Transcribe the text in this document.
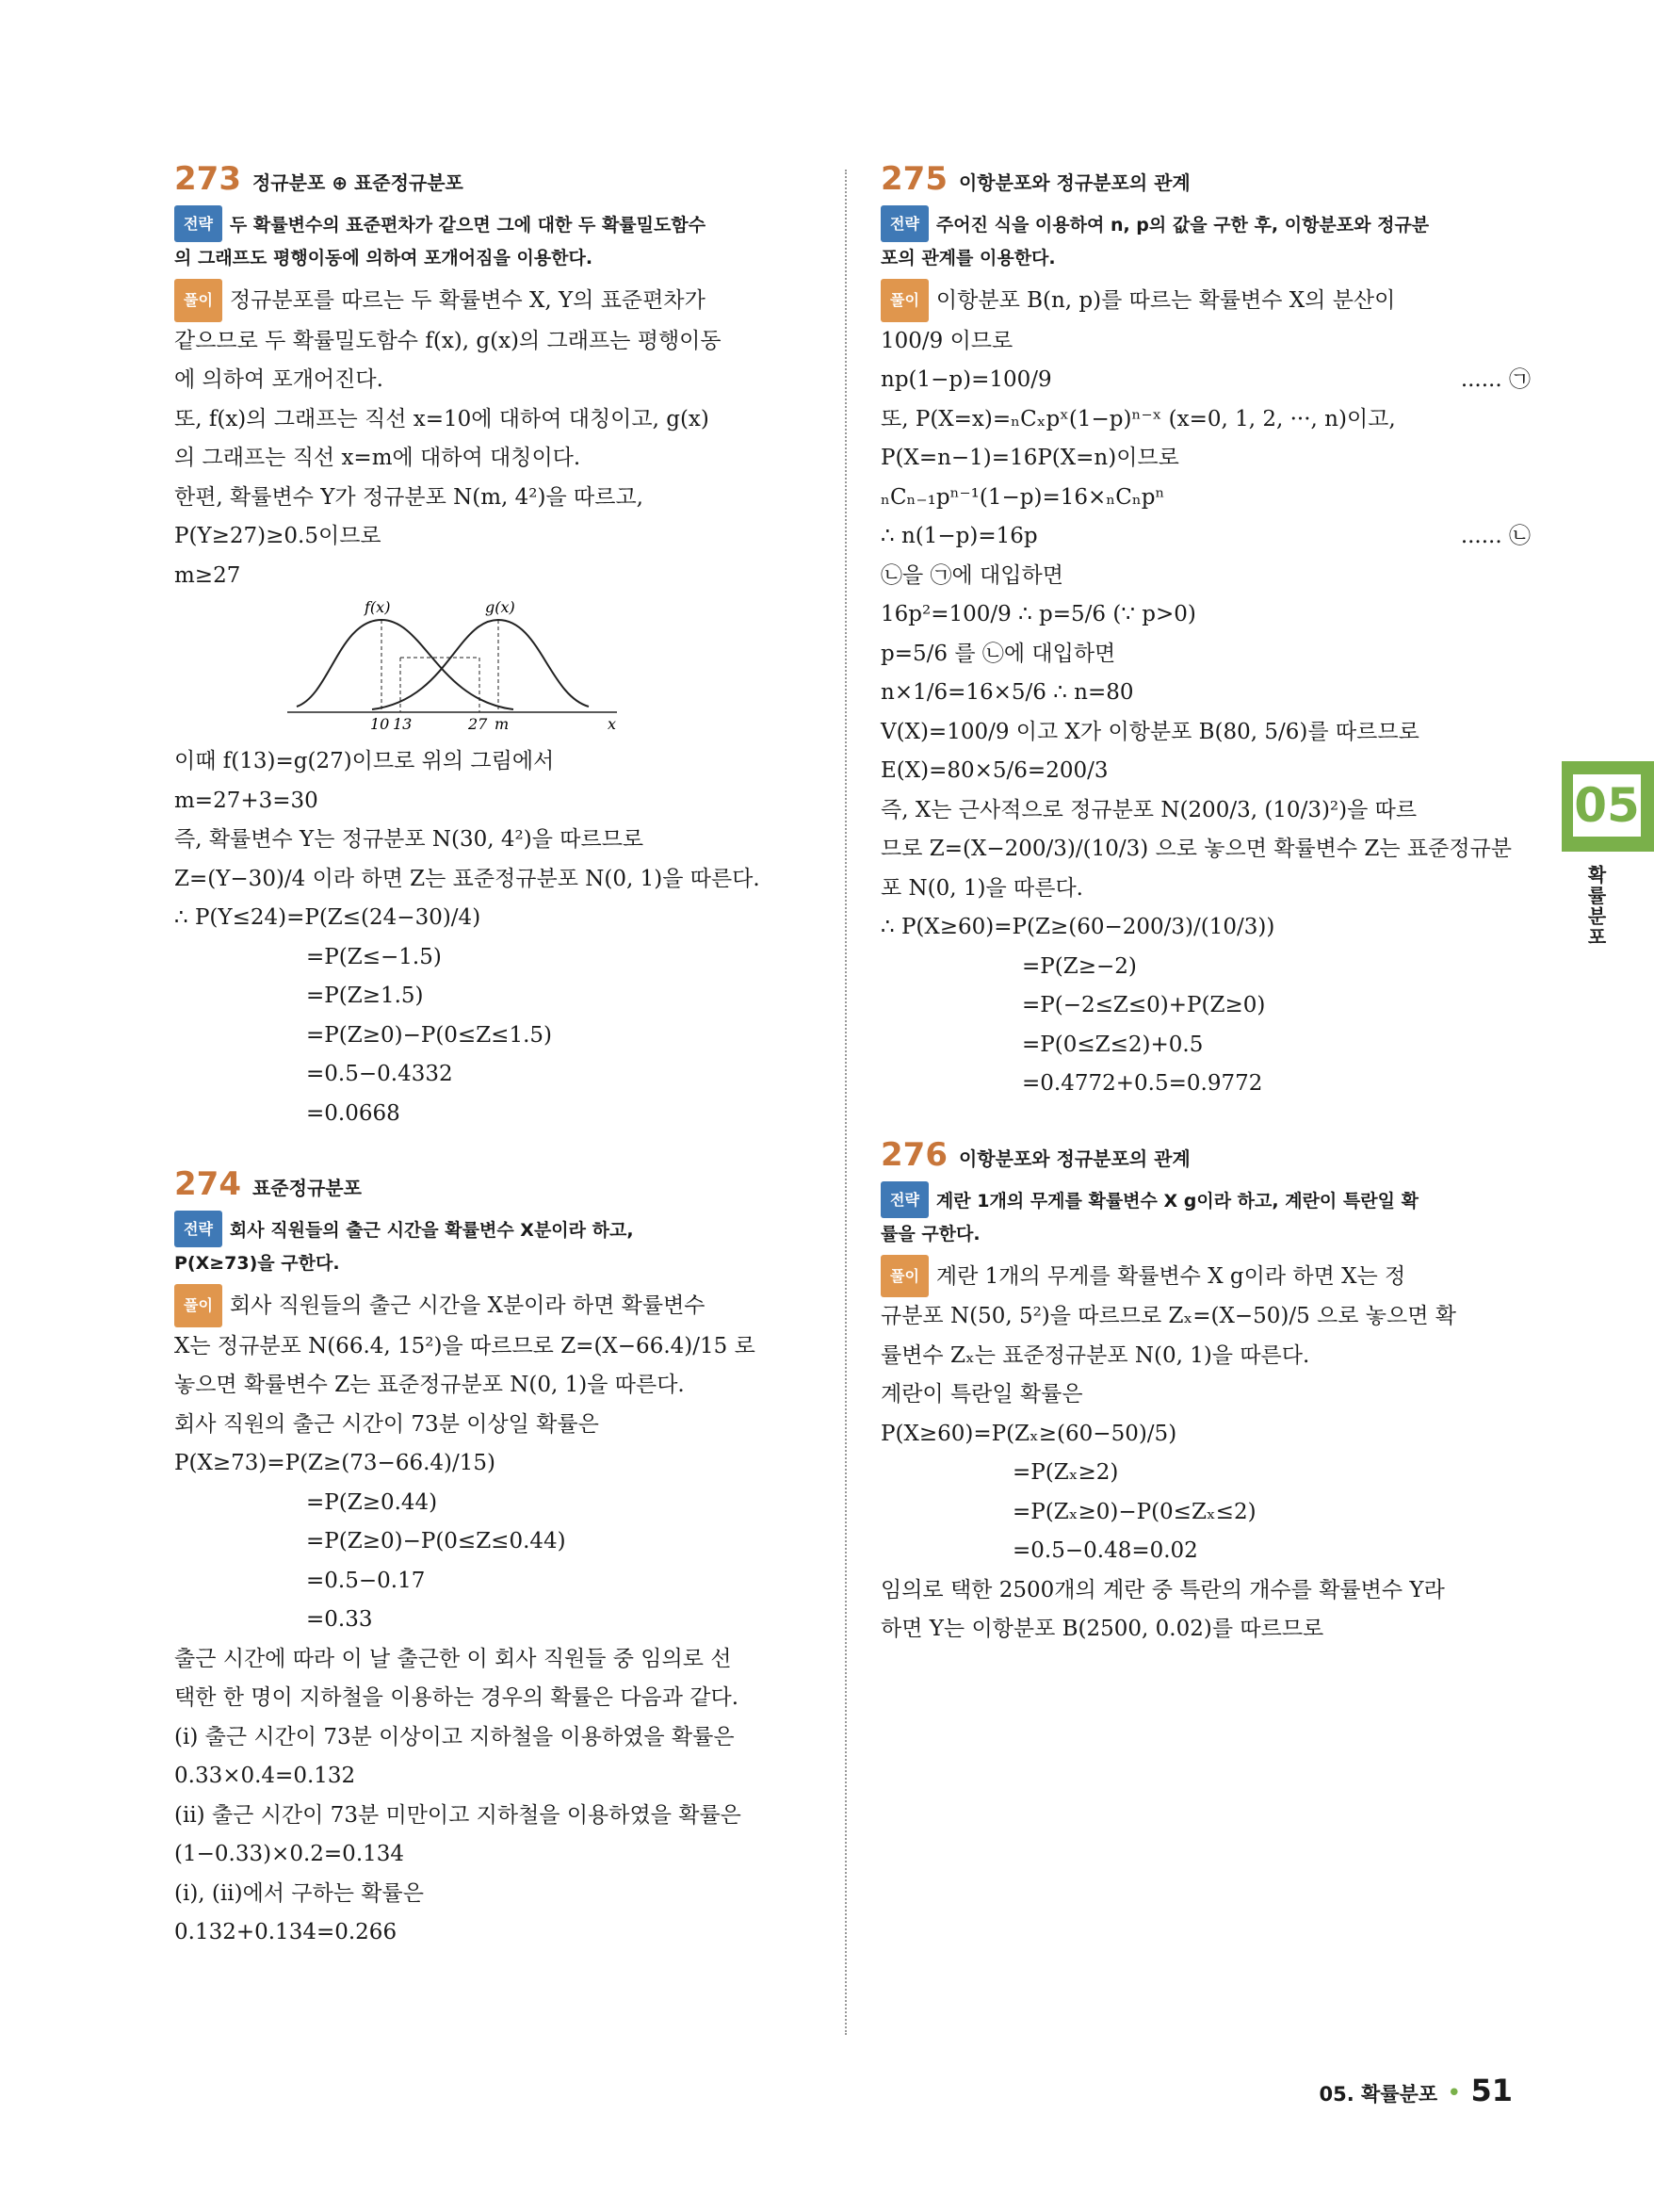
273 정규분포 ⊕ 표준정규분포
전략 두 확률변수의 표준편차가 같으면 그에 대한 두 확률밀도함수
의 그래프도 평행이동에 의하여 포개어짐을 이용한다.
풀이 정규분포를 따르는 두 확률변수 X, Y의 표준편차가
같으므로 두 확률밀도함수 f(x), g(x)의 그래프는 평행이동
에 의하여 포개어진다.
또, f(x)의 그래프는 직선 x=10에 대하여 대칭이고, g(x)
의 그래프는 직선 x=m에 대하여 대칭이다.
한편, 확률변수 Y가 정규분포 N(m, 4²)을 따르고,
P(Y≥27)≥0.5이므로
m≥27
f(x)	g(x)
10 13	27 m	x
이때 f(13)=g(27)이므로 위의 그림에서
m=27+3=30
즉, 확률변수 Y는 정규분포 N(30, 4²)을 따르므로
Z=(Y−30)/4 이라 하면 Z는 표준정규분포 N(0, 1)을 따른다.
∴ P(Y≤24)=P(Z≤(24−30)/4)
=P(Z≤−1.5)
=P(Z≥1.5)
=P(Z≥0)−P(0≤Z≤1.5)
=0.5−0.4332
=0.0668
274 표준정규분포
전략 회사 직원들의 출근 시간을 확률변수 X분이라 하고,
P(X≥73)을 구한다.
풀이 회사 직원들의 출근 시간을 X분이라 하면 확률변수
X는 정규분포 N(66.4, 15²)을 따르므로 Z=(X−66.4)/15 로
놓으면 확률변수 Z는 표준정규분포 N(0, 1)을 따른다.
회사 직원의 출근 시간이 73분 이상일 확률은
P(X≥73)=P(Z≥(73−66.4)/15)
=P(Z≥0.44)
=P(Z≥0)−P(0≤Z≤0.44)
=0.5−0.17
=0.33
출근 시간에 따라 이 날 출근한 이 회사 직원들 중 임의로 선
택한 한 명이 지하철을 이용하는 경우의 확률은 다음과 같다.
(ⅰ) 출근 시간이 73분 이상이고 지하철을 이용하였을 확률은
0.33×0.4=0.132
(ⅱ) 출근 시간이 73분 미만이고 지하철을 이용하였을 확률은
(1−0.33)×0.2=0.134
(ⅰ), (ⅱ)에서 구하는 확률은
0.132+0.134=0.266
275 이항분포와 정규분포의 관계
전략 주어진 식을 이용하여 n, p의 값을 구한 후, 이항분포와 정규분
포의 관계를 이용한다.
풀이 이항분포 B(n, p)를 따르는 확률변수 X의 분산이
100/9 이므로
np(1−p)=100/9	...... ㉠
또, P(X=x)=ₙCₓpˣ(1−p)ⁿ⁻ˣ (x=0, 1, 2, ···, n)이고,
P(X=n−1)=16P(X=n)이므로
ₙCₙ₋₁pⁿ⁻¹(1−p)=16×ₙCₙpⁿ
∴ n(1−p)=16p	...... ㉡
㉡을 ㉠에 대입하면
16p²=100/9 ∴ p=5/6 (∵ p>0)
p=5/6 를 ㉡에 대입하면
n×1/6=16×5/6 ∴ n=80
V(X)=100/9 이고 X가 이항분포 B(80, 5/6)를 따르므로
E(X)=80×5/6=200/3
즉, X는 근사적으로 정규분포 N(200/3, (10/3)²)을 따르
므로 Z=(X−200/3)/(10/3) 으로 놓으면 확률변수 Z는 표준정규분
포 N(0, 1)을 따른다.
∴ P(X≥60)=P(Z≥(60−200/3)/(10/3))
=P(Z≥−2)
=P(−2≤Z≤0)+P(Z≥0)
=P(0≤Z≤2)+0.5
=0.4772+0.5=0.9772
276 이항분포와 정규분포의 관계
전략 계란 1개의 무게를 확률변수 X g이라 하고, 계란이 특란일 확
률을 구한다.
풀이 계란 1개의 무게를 확률변수 X g이라 하면 X는 정
규분포 N(50, 5²)을 따르므로 Zₓ=(X−50)/5 으로 놓으면 확
률변수 Zₓ는 표준정규분포 N(0, 1)을 따른다.
계란이 특란일 확률은
P(X≥60)=P(Zₓ≥(60−50)/5)
=P(Zₓ≥2)
=P(Zₓ≥0)−P(0≤Zₓ≤2)
=0.5−0.48=0.02
임의로 택한 2500개의 계란 중 특란의 개수를 확률변수 Y라
하면 Y는 이항분포 B(2500, 0.02)를 따르므로
05
확률분포
05. 확률분포 • 51
